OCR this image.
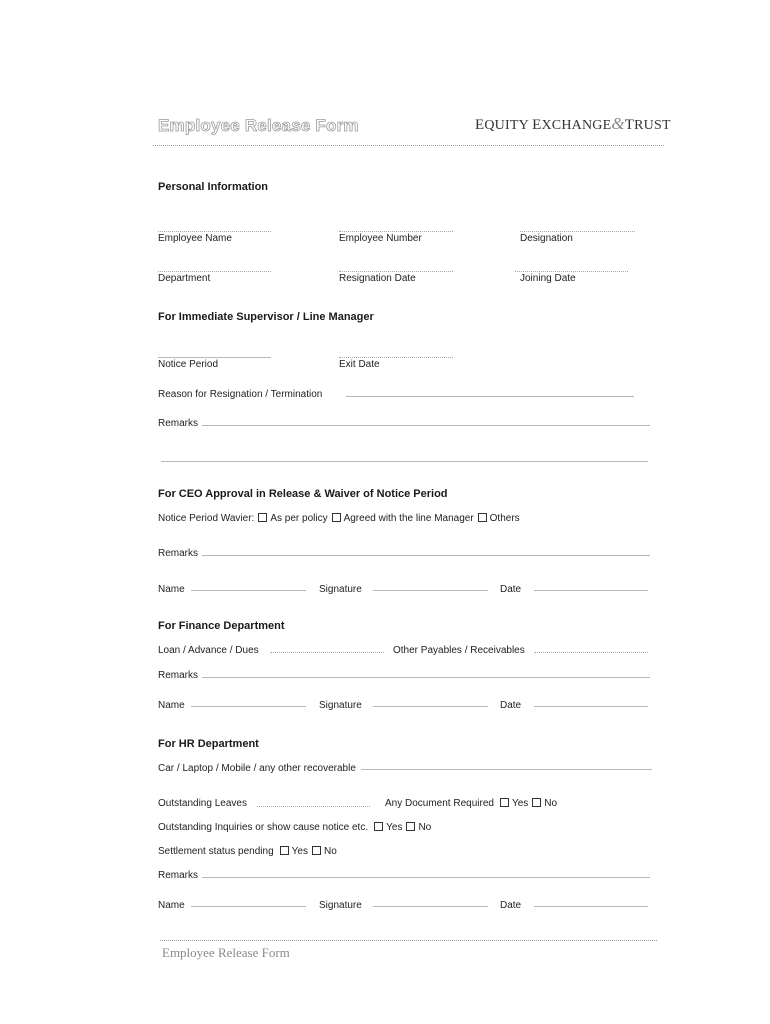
Employee Release Form	EQUITY EXCHANGE&TRUST
Personal Information
Employee Name	Employee Number	Designation
Department	Resignation Date	Joining Date
For Immediate Supervisor / Line Manager
Notice Period	Exit Date
Reason for Resignation / Termination
Remarks
For CEO Approval in Release & Waiver of Notice Period
Notice Period Wavier: As per policy Agreed with the line Manager Others
Remarks
Name	Signature	Date
For Finance Department
Loan / Advance / Dues	Other Payables / Receivables
Remarks
Name	Signature	Date
For HR Department
Car / Laptop / Mobile / any other recoverable
Outstanding Leaves	Any Document Required Yes No
Outstanding Inquiries or show cause notice etc. Yes No
Settlement status pending Yes No
Remarks
Name	Signature	Date
Employee Release Form
